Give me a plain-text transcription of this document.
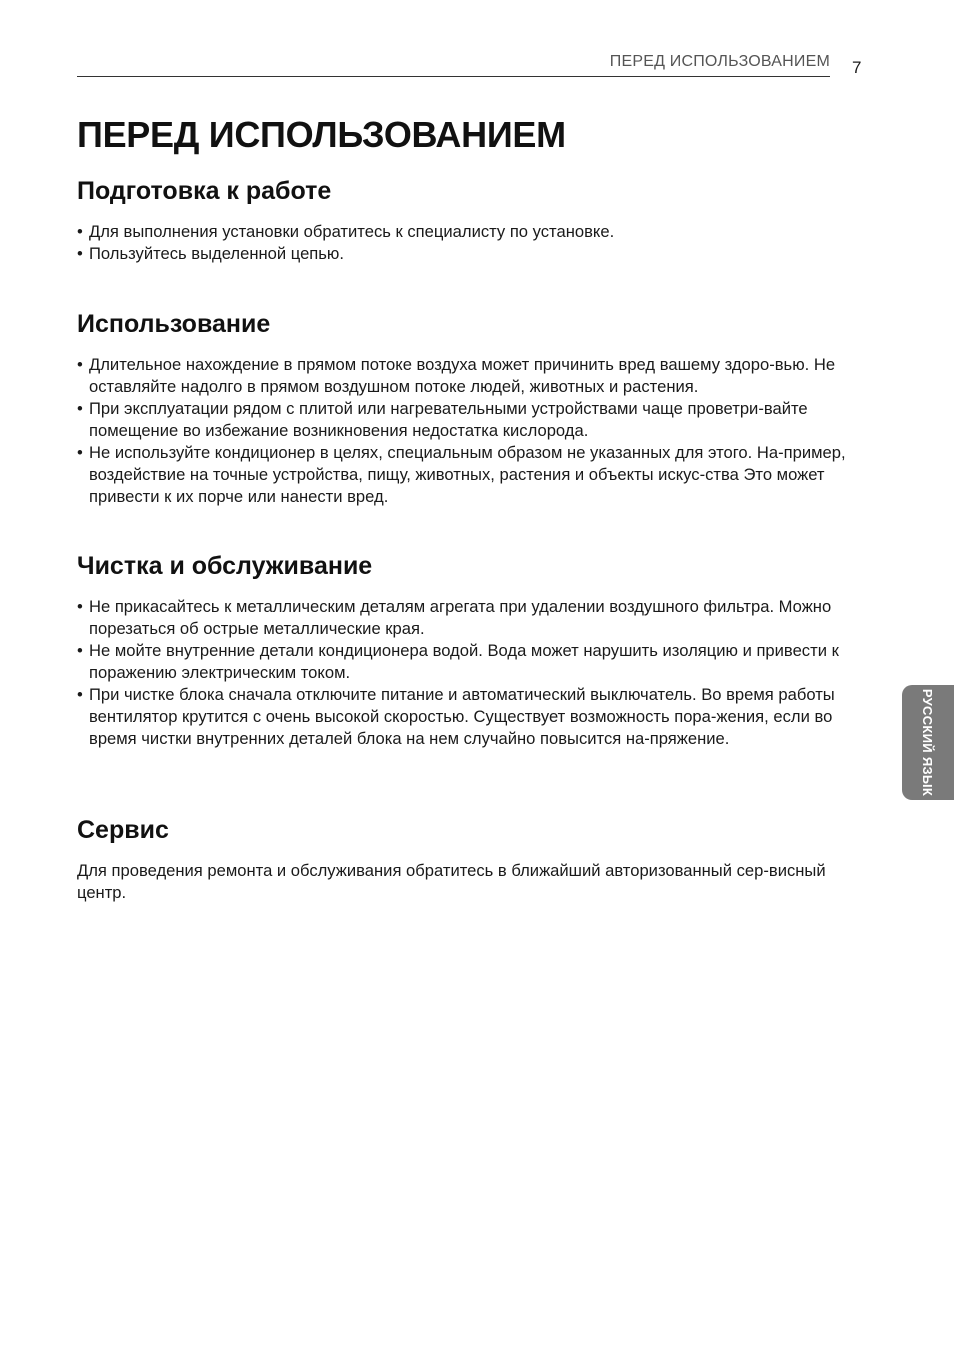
ПЕРЕД ИСПОЛЬЗОВАНИЕМ 7
ПЕРЕД ИСПОЛЬЗОВАНИЕМ
Подготовка к работе
• Для выполнения установки обратитесь к специалисту по установке.
• Пользуйтесь выделенной цепью.
Использование
• Длительное нахождение в прямом потоке воздуха может причинить вред вашему здоро-вью. Не оставляйте надолго в прямом воздушном потоке людей, животных и растения.
• При эксплуатации рядом с плитой или нагревательными устройствами чаще проветри-вайте помещение во избежание возникновения недостатка кислорода.
• Не используйте кондиционер в целях, специальным образом не указанных для этого. На-пример, воздействие на точные устройства, пищу, животных, растения и объекты искус-ства Это может привести к их порче или нанести вред.
Чистка и обслуживание
• Не прикасайтесь к металлическим деталям агрегата при удалении воздушного фильтра. Можно порезаться об острые металлические края.
• Не мойте внутренние детали кондиционера водой. Вода может нарушить изоляцию и привести к поражению электрическим током.
• При чистке блока сначала отключите питание и автоматический выключатель. Во время работы вентилятор крутится с очень высокой скоростью. Существует возможность пора-жения, если во время чистки внутренних деталей блока на нем случайно повысится на-пряжение.
Сервис

Для проведения ремонта и обслуживания обратитесь в ближайший авторизованный сер-висный центр.

РУССКИЙ ЯЗЫК
